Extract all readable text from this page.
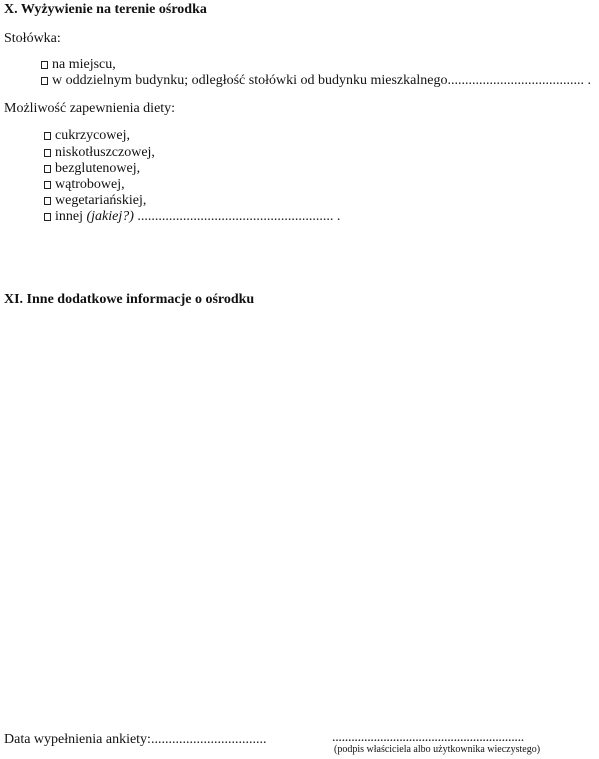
X. Wyżywienie na terenie ośrodka
Stołówka:
na miejscu,
w oddzielnym budynku; odległość stołówki od budynku mieszkalnego....................................... .
Możliwość zapewnienia diety:
cukrzycowej,
niskotłuszczowej,
bezglutenowej,
wątrobowej,
wegetariańskiej,
innej (jakiej?) ........................................................ .
XI. Inne dodatkowe informacje o ośrodku
Data wypełnienia ankiety:.................................	............................................................
(podpis właściciela albo użytkownika wieczystego)
